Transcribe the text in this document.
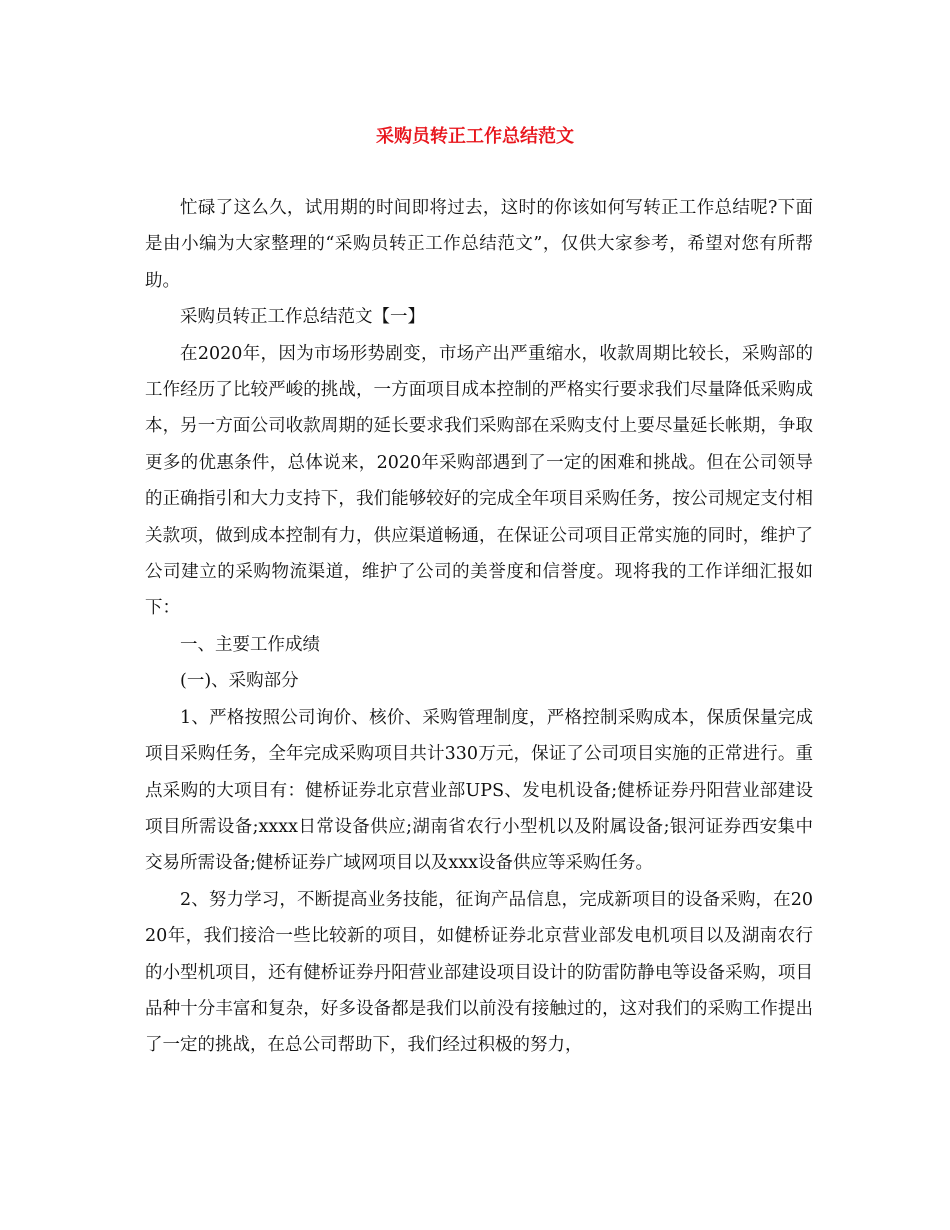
采购员转正工作总结范文

忙碌了这么久，试用期的时间即将过去，这时的你该如何写转正工作总结呢?下面是由小编为大家整理的“采购员转正工作总结范文”，仅供大家参考，希望对您有所帮助。

采购员转正工作总结范文【一】

在2020年，因为市场形势剧变，市场产出严重缩水，收款周期比较长，采购部的工作经历了比较严峻的挑战，一方面项目成本控制的严格实行要求我们尽量降低采购成本，另一方面公司收款周期的延长要求我们采购部在采购支付上要尽量延长帐期，争取更多的优惠条件，总体说来，2020年采购部遇到了一定的困难和挑战。但在公司领导的正确指引和大力支持下，我们能够较好的完成全年项目采购任务，按公司规定支付相关款项，做到成本控制有力，供应渠道畅通，在保证公司项目正常实施的同时，维护了公司建立的采购物流渠道，维护了公司的美誉度和信誉度。现将我的工作详细汇报如下：

一、主要工作成绩

(一)、采购部分

1、严格按照公司询价、核价、采购管理制度，严格控制采购成本，保质保量完成项目采购任务，全年完成采购项目共计330万元，保证了公司项目实施的正常进行。重点采购的大项目有：健桥证券北京营业部UPS、发电机设备;健桥证券丹阳营业部建设项目所需设备;xxxx日常设备供应;湖南省农行小型机以及附属设备;银河证券西安集中交易所需设备;健桥证券广域网项目以及xxx设备供应等采购任务。

2、努力学习，不断提高业务技能，征询产品信息，完成新项目的设备采购，在2020年，我们接洽一些比较新的项目，如健桥证券北京营业部发电机项目以及湖南农行的小型机项目，还有健桥证券丹阳营业部建设项目设计的防雷防静电等设备采购，项目品种十分丰富和复杂，好多设备都是我们以前没有接触过的，这对我们的采购工作提出了一定的挑战，在总公司帮助下，我们经过积极的努力，
